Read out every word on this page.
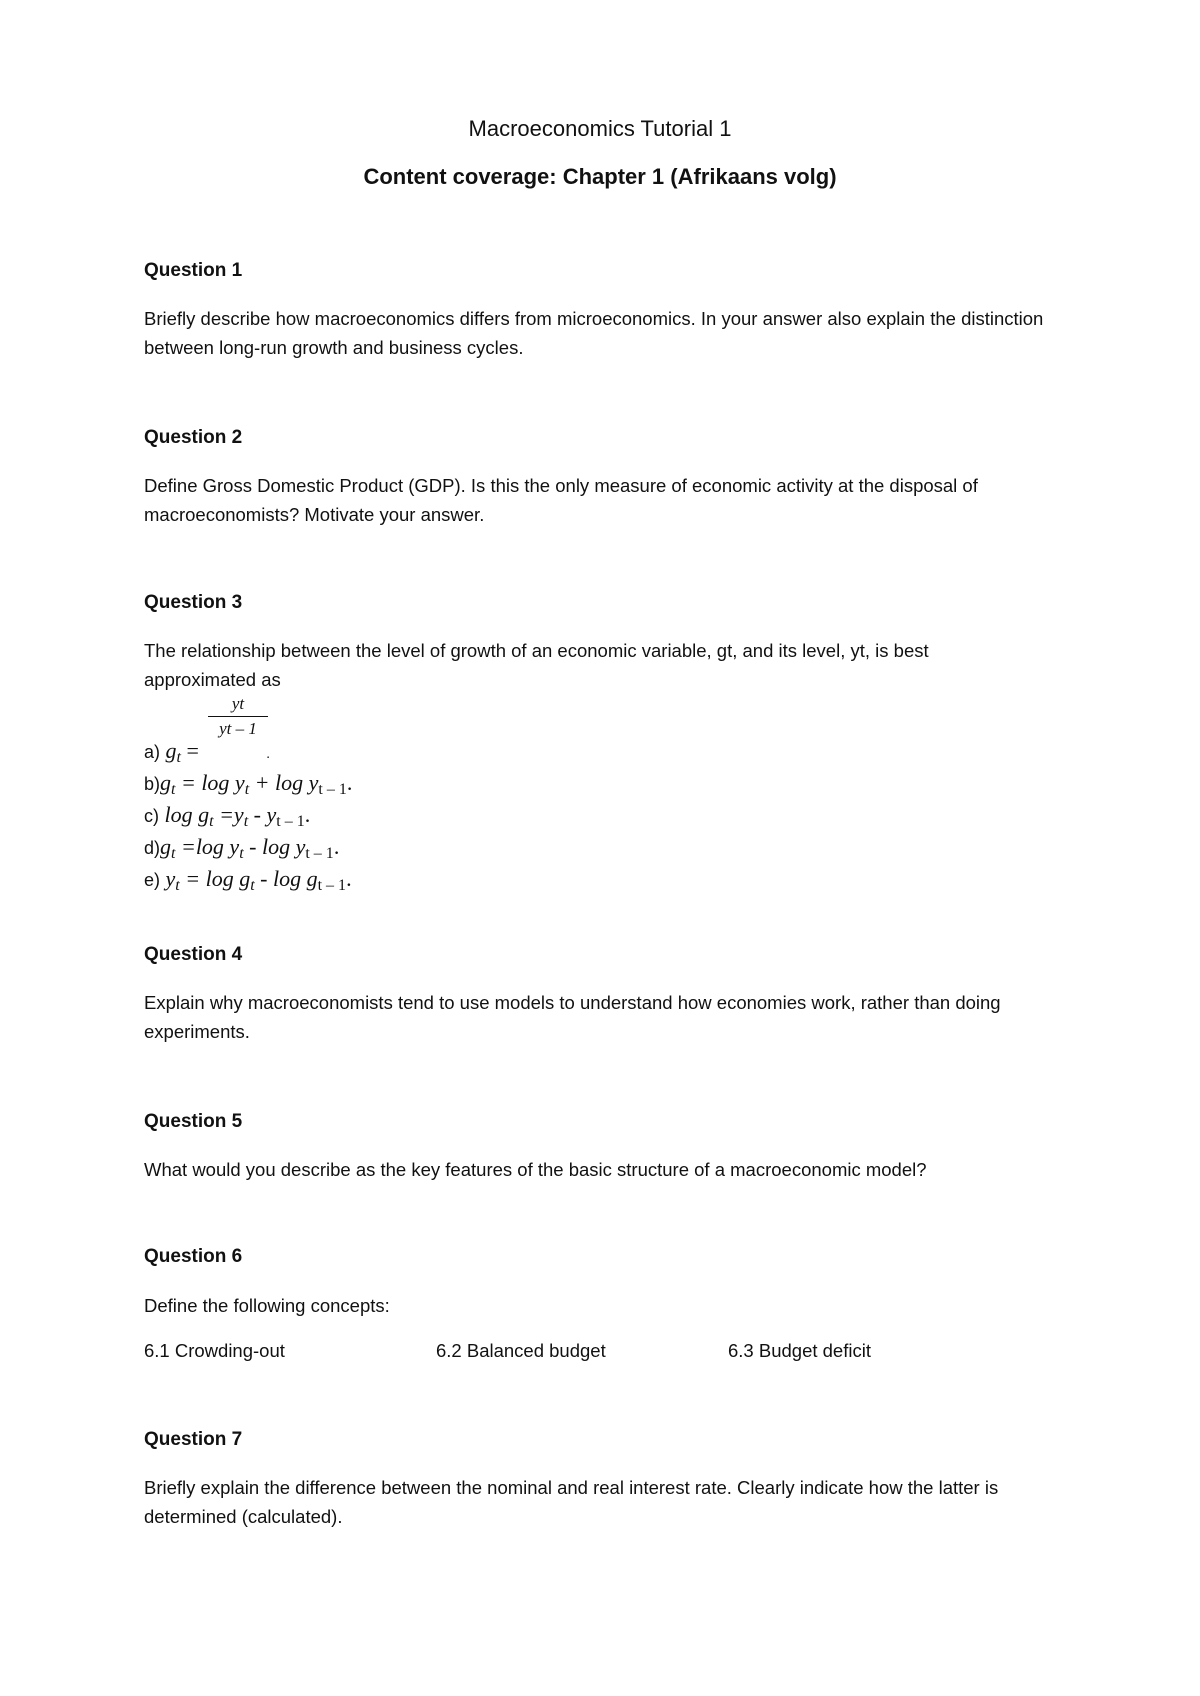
Macroeconomics Tutorial 1
Content coverage: Chapter 1 (Afrikaans volg)
Question 1

Briefly describe how macroeconomics differs from microeconomics. In your answer also explain the distinction between long-run growth and business cycles.

Question 2

Define Gross Domestic Product (GDP). Is this the only measure of economic activity at the disposal of macroeconomists? Motivate your answer.

Question 3

The relationship between the level of growth of an economic variable, gt, and its level, yt, is best approximated as

$\frac{yt}{yt - 1}$
a) gt =	.
b)gt = log yt + log yt – 1.
c) log gt =yt - yt – 1.
d)gt =log yt - log yt – 1.
e) yt = log gt - log gt – 1.
Question 4

Explain why macroeconomists tend to use models to understand how economies work, rather than doing experiments.

Question 5

What would you describe as the key features of the basic structure of a macroeconomic model?

Question 6

Define the following concepts:

6.1 Crowding-out	6.2 Balanced budget	6.3 Budget deficit
Question 7

Briefly explain the difference between the nominal and real interest rate. Clearly indicate how the latter is determined (calculated).
